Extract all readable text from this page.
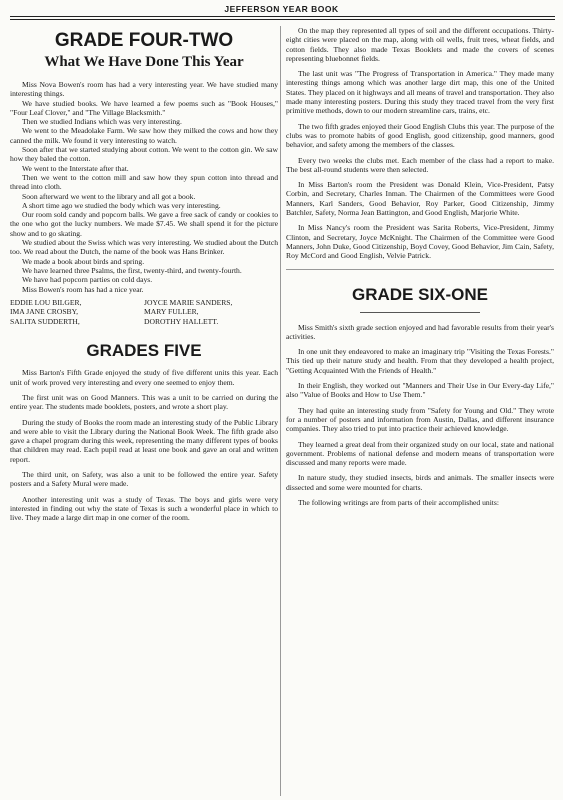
JEFFERSON YEAR BOOK
GRADE FOUR-TWO
What We Have Done This Year

Miss Nova Bowen's room has had a very interesting year. We have studied many interesting things.

We have studied books. We have learned a few poems such as "Book Houses," "Four Leaf Clover," and "The Village Blacksmith."

Then we studied Indians which was very interesting.

We went to the Meadolake Farm. We saw how they milked the cows and how they canned the milk. We found it very interesting to watch.

Soon after that we started studying about cotton. We went to the cotton gin. We saw how they baled the cotton.

We went to the Interstate after that.

Then we went to the cotton mill and saw how they spun cotton into thread and thread into cloth.

Soon afterward we went to the library and all got a book.

A short time ago we studied the body which was very interesting.

Our room sold candy and popcorn balls. We gave a free sack of candy or cookies to the one who got the lucky numbers. We made $7.45. We shall spend it for the picture show and to go skating.

We studied about the Swiss which was very interesting. We studied about the Dutch too. We read about the Dutch, the name of the book was Hans Brinker.

We made a book about birds and spring.

We have learned three Psalms, the first, twenty-third, and twenty-fourth.

We have had popcorn parties on cold days.

Miss Bowen's room has had a nice year.

EDDIE LOU BILGER,
IMA JANE CROSBY,
SALITA SUDDERTH,
JOYCE MARIE SANDERS,
MARY FULLER,
DOROTHY HALLETT.
GRADES FIVE

Miss Barton's Fifth Grade enjoyed the study of five different units this year. Each unit of work proved very interesting and every one seemed to enjoy them.

The first unit was on Good Manners. This was a unit to be carried on during the entire year. The students made booklets, posters, and wrote a short play.

During the study of Books the room made an interesting study of the Public Library and were able to visit the Library during the National Book Week. The fifth grade also gave a chapel program during this week, representing the many different types of books that children may read. Each pupil read at least one book and gave an oral and written report.

The third unit, on Safety, was also a unit to be followed the entire year. Safety posters and a Safety Mural were made.

Another interesting unit was a study of Texas. The boys and girls were very interested in finding out why the state of Texas is such a wonderful place in which to live. They made a large dirt map in one corner of the room.

On the map they represented all types of soil and the different occupations. Thirty-eight cities were placed on the map, along with oil wells, fruit trees, wheat fields, and cotton fields. They also made Texas Booklets and made the covers of scenes representing bluebonnet fields.

The last unit was "The Progress of Transportation in America." They made many interesting things among which was another large dirt map, this one of the United States. They placed on it highways and all means of travel and transportation. They also made many interesting posters. During this study they traced travel from the very first primitive methods, down to our modern streamline cars, trains, etc.

The two fifth grades enjoyed their Good English Clubs this year. The purpose of the clubs was to promote habits of good English, good citizenship, good manners, good behavior, and safety among the members of the classes.

Every two weeks the clubs met. Each member of the class had a report to make. The best all-round students were then selected.

In Miss Barton's room the President was Donald Klein, Vice-President, Patsy Corbin, and Secretary, Charles Inman. The Chairmen of the Committees were Good Manners, Karl Sanders, Good Behavior, Roy Parker, Good Citizenship, Jimmy Batchler, Safety, Norma Jean Battington, and Good English, Marjorie White.

In Miss Nancy's room the President was Sarita Roberts, Vice-President, Jimmy Clinton, and Secretary, Joyce McKnight. The Chairmen of the Committee were Good Manners, John Duke, Good Citizenship, Boyd Covey, Good Behavior, Jim Cain, Safety, Roy McCord and Good English, Velvie Patrick.

GRADE SIX-ONE

Miss Smith's sixth grade section enjoyed and had favorable results from their year's activities.

In one unit they endeavored to make an imaginary trip "Visiting the Texas Forests." This tied up their nature study and health. From that they developed a health project, "Getting Acquainted With the Friends of Health."

In their English, they worked out "Manners and Their Use in Our Every-day Life," also "Value of Books and How to Use Them."

They had quite an interesting study from "Safety for Young and Old." They wrote for a number of posters and information from Austin, Dallas, and different insurance companies. They also tried to put into practice their achieved knowledge.

They learned a great deal from their organized study on our local, state and national government. Problems of national defense and modern means of transportation were discussed and many reports were made.

In nature study, they studied insects, birds and animals. The smaller insects were dissected and some were mounted for charts.

The following writings are from parts of their accomplished units:
